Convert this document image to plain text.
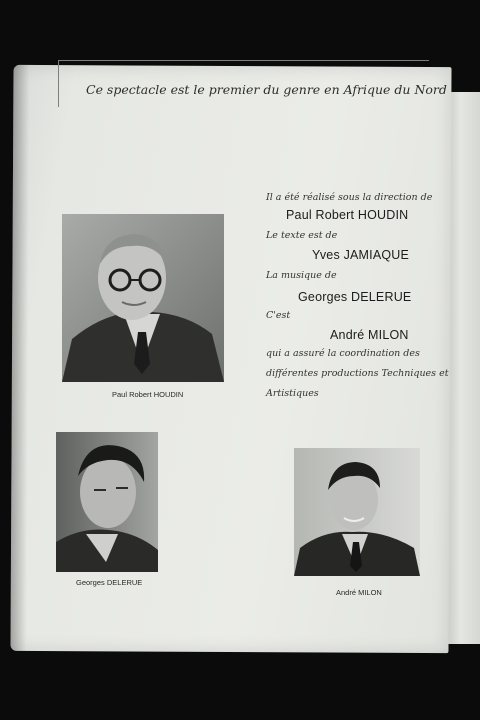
Ce spectacle est le premier du genre en Afrique du Nord
Il a été réalisé sous la direction de
Paul Robert HOUDIN
Le texte est de
Yves JAMIAQUE
La musique de
Georges DELERUE
C'est
André MILON
qui a assuré la coordination des
différentes productions Techniques et
Artistiques
Paul Robert HOUDIN
Georges DELERUE
André MILON
